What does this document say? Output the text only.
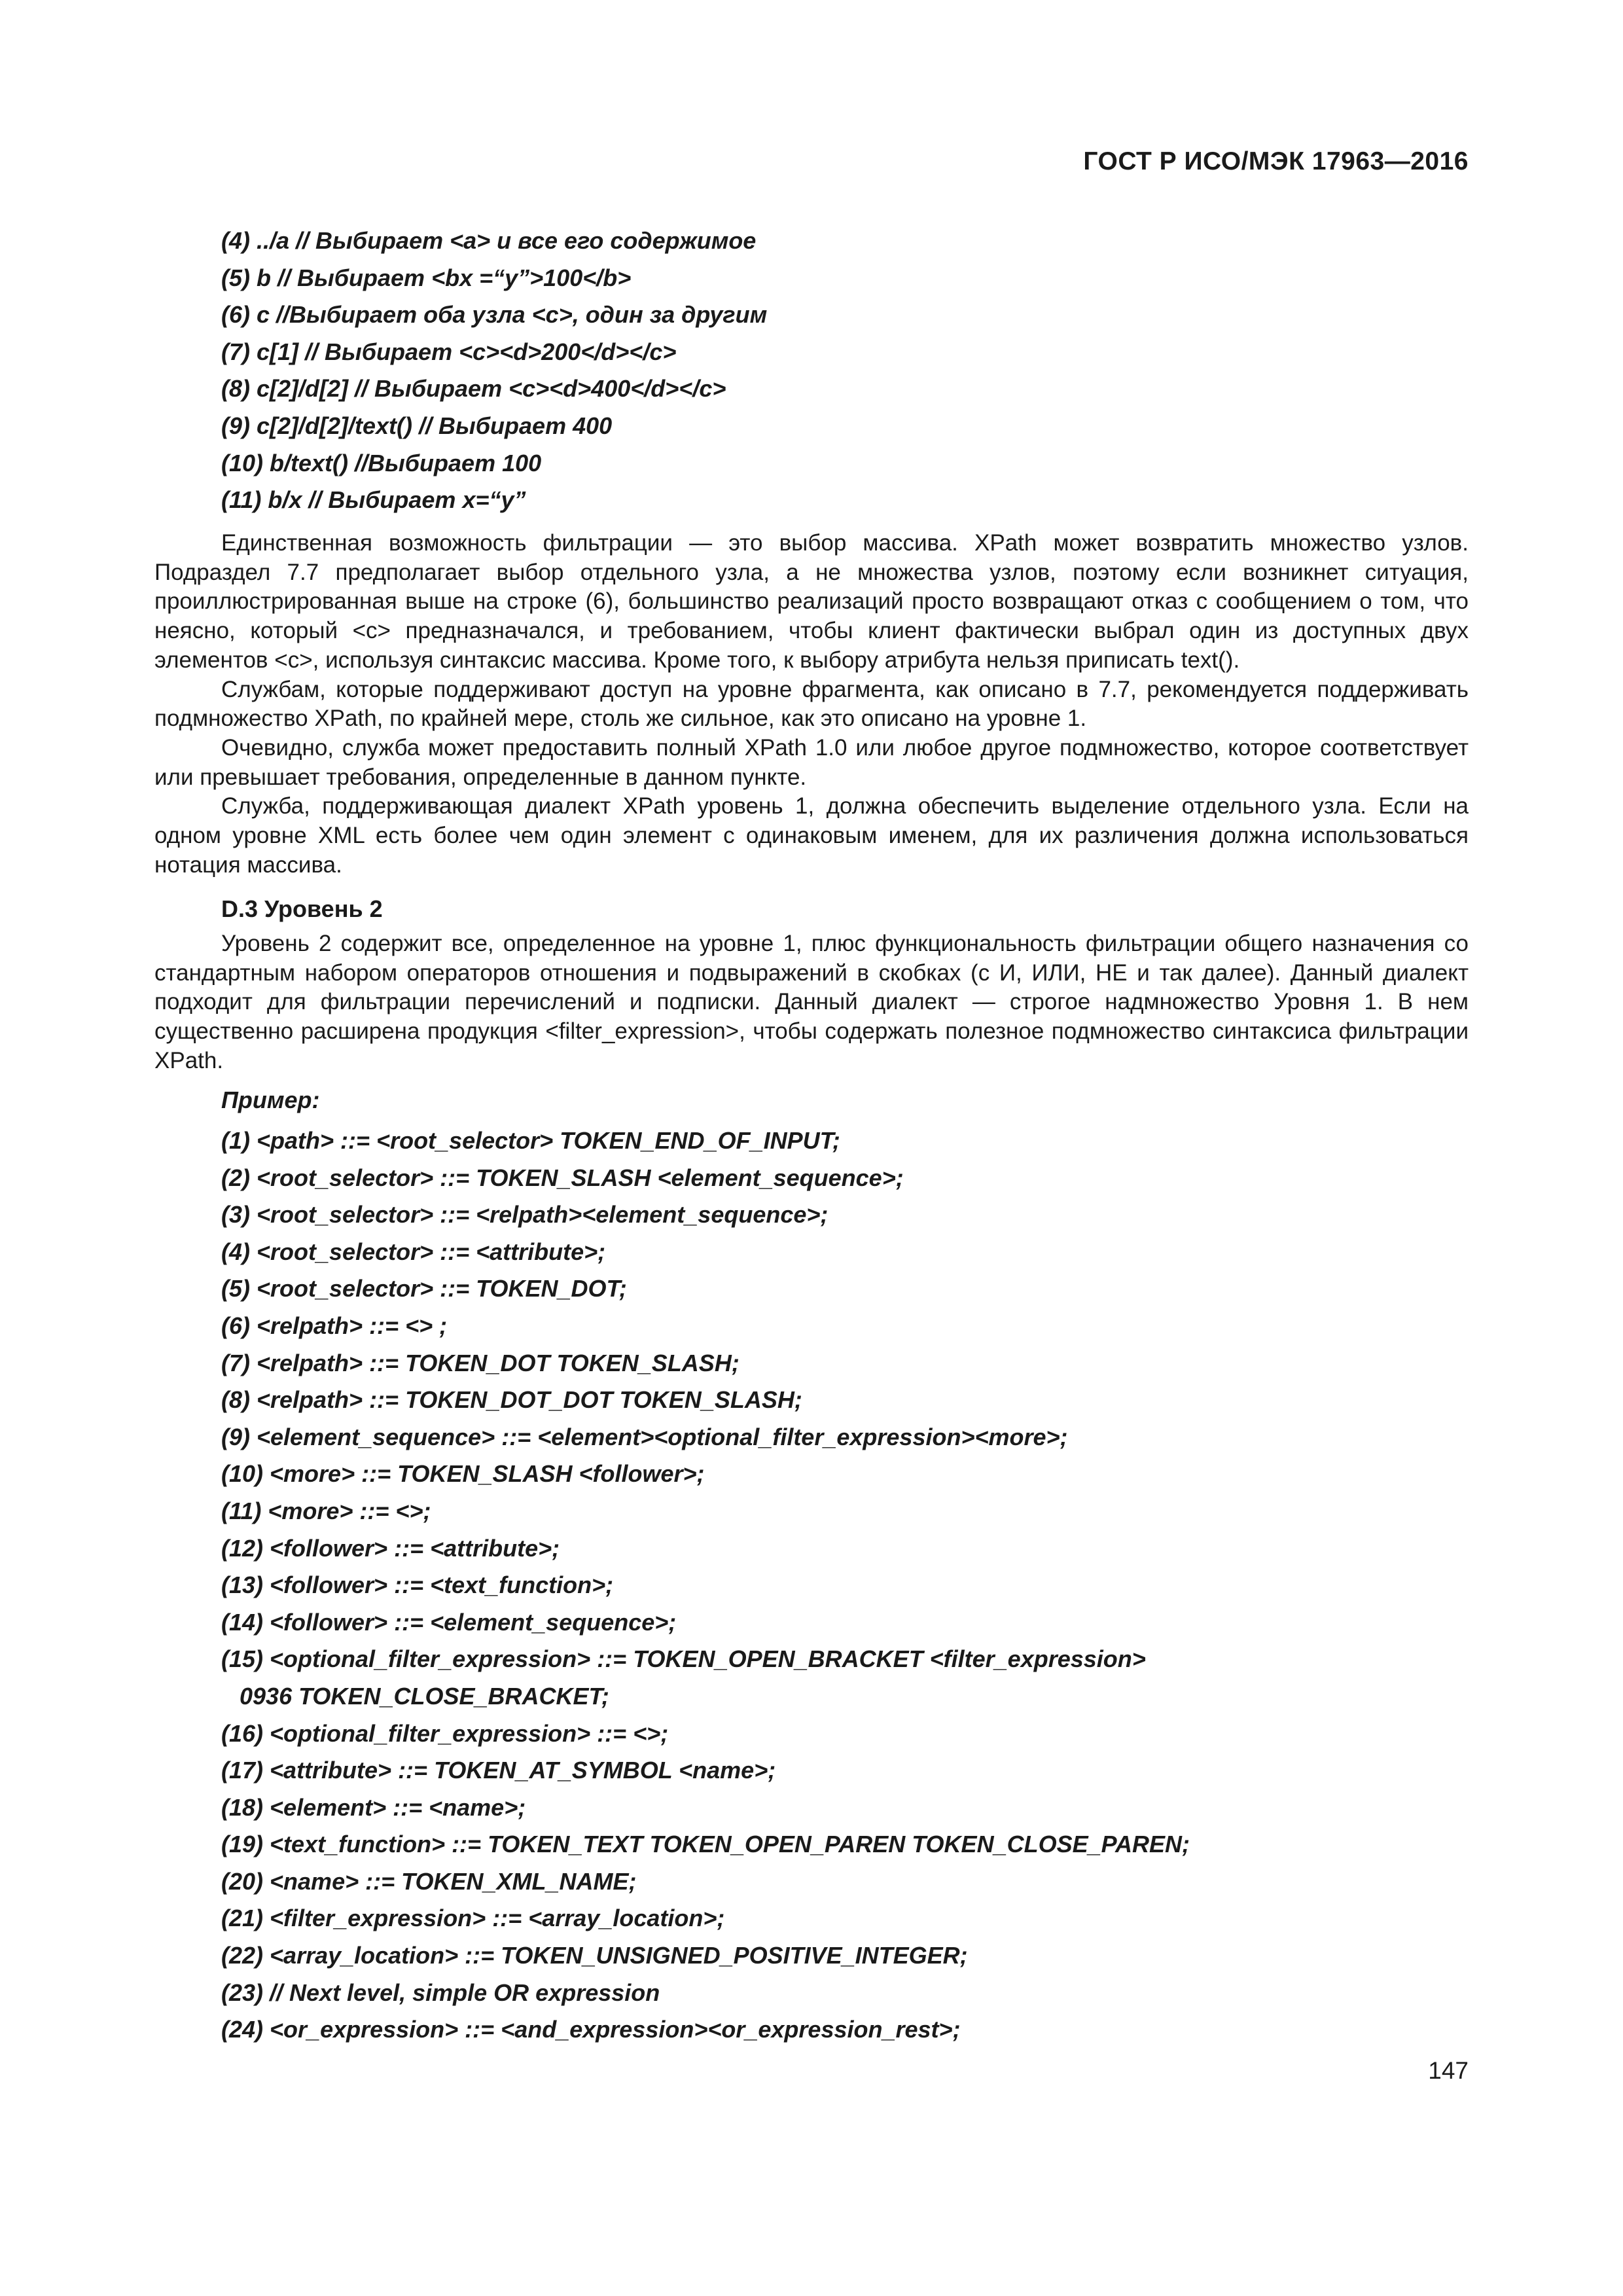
ГОСТ Р ИСО/МЭК 17963—2016
(4) ../a // Выбирает <a> и все его содержимое
(5) b // Выбирает <bx =“y”>100</b>
(6) c //Выбирает оба узла <c>, один за другим
(7) c[1] // Выбирает <c><d>200</d></c>
(8) c[2]/d[2] // Выбирает <c><d>400</d></c>
(9) c[2]/d[2]/text() // Выбирает 400
(10) b/text() //Выбирает 100
(11) b/x // Выбирает x=“y”

Единственная возможность фильтрации — это выбор массива. XPath может возвратить множество узлов. Подраздел 7.7 предполагает выбор отдельного узла, а не множества узлов, поэтому если возникнет ситуация, проиллюстрированная выше на строке (6), большинство реализаций просто возвращают отказ с сообщением о том, что неясно, который <c> предназначался, и требованием, чтобы клиент фактически выбрал один из доступных двух элементов <c>, используя синтаксис массива. Кроме того, к выбору атрибута нельзя приписать text().

Службам, которые поддерживают доступ на уровне фрагмента, как описано в 7.7, рекомендуется поддерживать подмножество XPath, по крайней мере, столь же сильное, как это описано на уровне 1.

Очевидно, служба может предоставить полный XPath 1.0 или любое другое подмножество, которое соответствует или превышает требования, определенные в данном пункте.

Служба, поддерживающая диалект XPath уровень 1, должна обеспечить выделение отдельного узла. Если на одном уровне XML есть более чем один элемент с одинаковым именем, для их различения должна использоваться нотация массива.

D.3 Уровень 2

Уровень 2 содержит все, определенное на уровне 1, плюс функциональность фильтрации общего назначения со стандартным набором операторов отношения и подвыражений в скобках (с И, ИЛИ, НЕ и так далее). Данный диалект подходит для фильтрации перечислений и подписки. Данный диалект — строгое надмножество Уровня 1. В нем существенно расширена продукция <filter_expression>, чтобы содержать полезное подмножество синтаксиса фильтрации XPath.

Пример:
(1) <path> ::= <root_selector> TOKEN_END_OF_INPUT;
(2) <root_selector> ::= TOKEN_SLASH <element_sequence>;
(3) <root_selector> ::= <relpath><element_sequence>;
(4) <root_selector> ::= <attribute>;
(5) <root_selector> ::= TOKEN_DOT;
(6) <relpath> ::= <> ;
(7) <relpath> ::= TOKEN_DOT TOKEN_SLASH;
(8) <relpath> ::= TOKEN_DOT_DOT TOKEN_SLASH;
(9) <element_sequence> ::= <element><optional_filter_expression><more>;
(10) <more> ::= TOKEN_SLASH <follower>;
(11) <more> ::= <>;
(12) <follower> ::= <attribute>;
(13) <follower> ::= <text_function>;
(14) <follower> ::= <element_sequence>;
(15) <optional_filter_expression> ::= TOKEN_OPEN_BRACKET <filter_expression>
0936 TOKEN_CLOSE_BRACKET;
(16) <optional_filter_expression> ::= <>;
(17) <attribute> ::= TOKEN_AT_SYMBOL <name>;
(18) <element> ::= <name>;
(19) <text_function> ::= TOKEN_TEXT TOKEN_OPEN_PAREN TOKEN_CLOSE_PAREN;
(20) <name> ::= TOKEN_XML_NAME;
(21) <filter_expression> ::= <array_location>;
(22) <array_location> ::= TOKEN_UNSIGNED_POSITIVE_INTEGER;
(23) // Next level, simple OR expression
(24) <or_expression> ::= <and_expression><or_expression_rest>;
147
